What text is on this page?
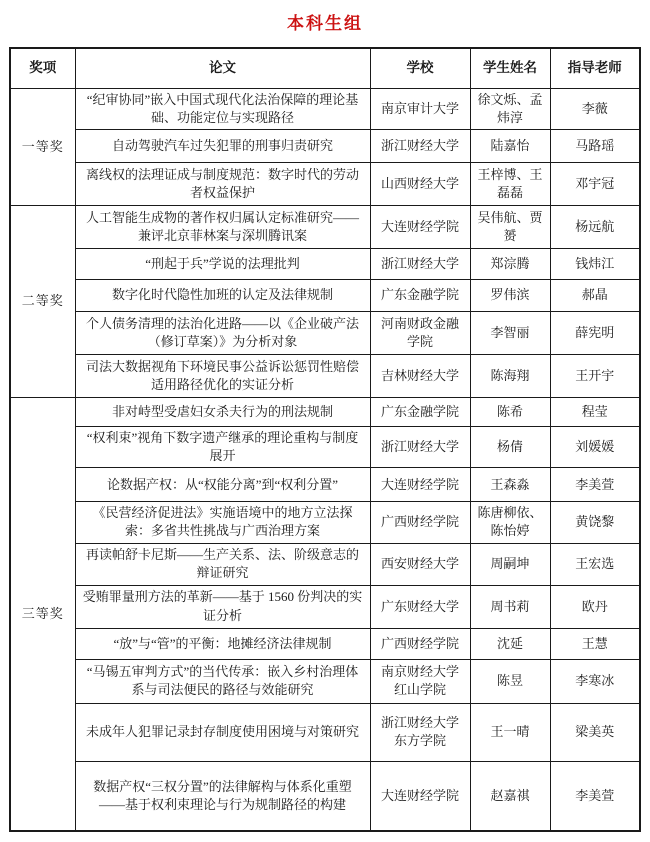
本科生组
奖项	论文	学校	学生姓名	指导老师
一等奖	“纪审协同”嵌入中国式现代化法治保障的理论基础、功能定位与实现路径	南京审计大学	徐文烁、孟炜淳	李薇
	自动驾驶汽车过失犯罪的刑事归责研究	浙江财经大学	陆嘉怡	马路瑶
	离线权的法理证成与制度规范：数字时代的劳动者权益保护	山西财经大学	王梓博、王磊磊	邓宇冠
二等奖	人工智能生成物的著作权归属认定标准研究——兼评北京菲林案与深圳腾讯案	大连财经学院	吴伟航、贾赟	杨远航
	“刑起于兵”学说的法理批判	浙江财经大学	郑淙腾	钱炜江
	数字化时代隐性加班的认定及法律规制	广东金融学院	罗伟滨	郝晶
	个人债务清理的法治化进路——以《企业破产法（修订草案）》为分析对象	河南财政金融学院	李智丽	薛宪明
	司法大数据视角下环境民事公益诉讼惩罚性赔偿适用路径优化的实证分析	吉林财经大学	陈海翔	王开宇
三等奖	非对峙型受虐妇女杀夫行为的刑法规制	广东金融学院	陈希	程莹
	“权利束”视角下数字遗产继承的理论重构与制度展开	浙江财经大学	杨倩	刘媛媛
	论数据产权：从“权能分离”到“权利分置”	大连财经学院	王森淼	李美萱
	《民营经济促进法》实施语境中的地方立法探索：多省共性挑战与广西治理方案	广西财经学院	陈唐柳依、陈怡婷	黄饶黎
	再读帕舒卡尼斯——生产关系、法、阶级意志的辩证研究	西安财经大学	周嗣坤	王宏选
	受贿罪量刑方法的革新——基于 1560 份判决的实证分析	广东财经大学	周书莉	欧丹
	“放”与“管”的平衡：地摊经济法律规制	广西财经学院	沈延	王慧
	“马锡五审判方式”的当代传承：嵌入乡村治理体系与司法便民的路径与效能研究	南京财经大学红山学院	陈昱	李寒冰
	未成年人犯罪记录封存制度使用困境与对策研究	浙江财经大学东方学院	王一晴	梁美英
	数据产权“三权分置”的法律解构与体系化重塑——基于权利束理论与行为规制路径的构建	大连财经学院	赵嘉祺	李美萱
